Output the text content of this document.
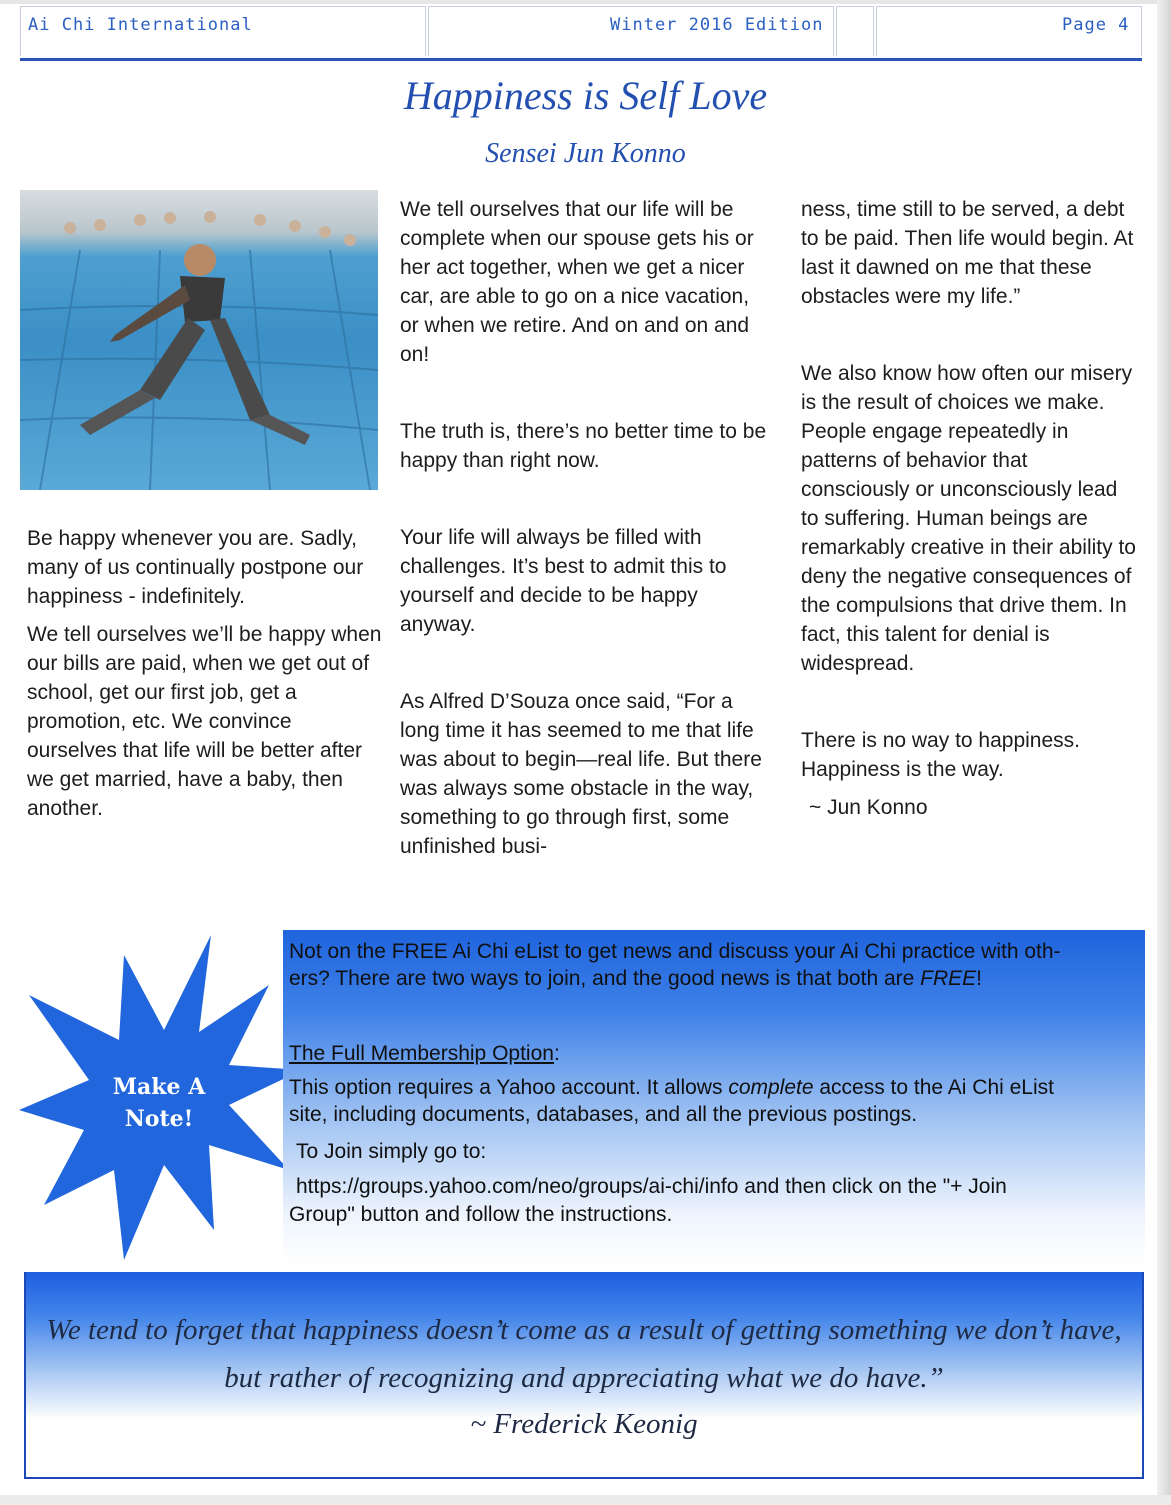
Ai Chi International	Winter 2016 Edition	Page 4
Happiness is Self Love
Sensei Jun Konno

Be happy whenever you are. Sadly, many of us continually postpone our happiness - indefinitely.

We tell ourselves we’ll be happy when our bills are paid, when we get out of school, get our first job, get a promotion, etc. We convince ourselves that life will be better after we get married, have a baby, then another.

We tell ourselves that our life will be complete when our spouse gets his or her act together, when we get a nicer car, are able to go on a nice vacation, or when we retire. And on and on and on!

The truth is, there’s no better time to be happy than right now.

Your life will always be filled with challenges. It’s best to admit this to yourself and decide to be happy anyway.

As Alfred D’Souza once said, “For a long time it has seemed to me that life was about to begin—real life. But there was always some obstacle in the way, something to go through first, some unfinished busi-

ness, time still to be served, a debt to be paid. Then life would begin. At last it dawned on me that these obstacles were my life.”

We also know how often our misery is the result of choices we make. People engage repeatedly in patterns of behavior that consciously or unconsciously lead to suffering. Human beings are remarkably creative in their ability to deny the negative consequences of the compulsions that drive them. In fact, this talent for denial is widespread.

There is no way to happiness. Happiness is the way.

~ Jun Konno

Make A
Note!
Not on the FREE Ai Chi eList to get news and discuss your Ai Chi practice with oth-
ers? There are two ways to join, and the good news is that both are FREE!
The Full Membership Option:
This option requires a Yahoo account. It allows complete access to the Ai Chi eList
site, including documents, databases, and all the previous postings.
To Join simply go to:
https://groups.yahoo.com/neo/groups/ai-chi/info and then click on the "+ Join
Group" button and follow the instructions.
We tend to forget that happiness doesn’t come as a result of getting something we don’t have,
but rather of recognizing and appreciating what we do have.”
~ Frederick Keonig
